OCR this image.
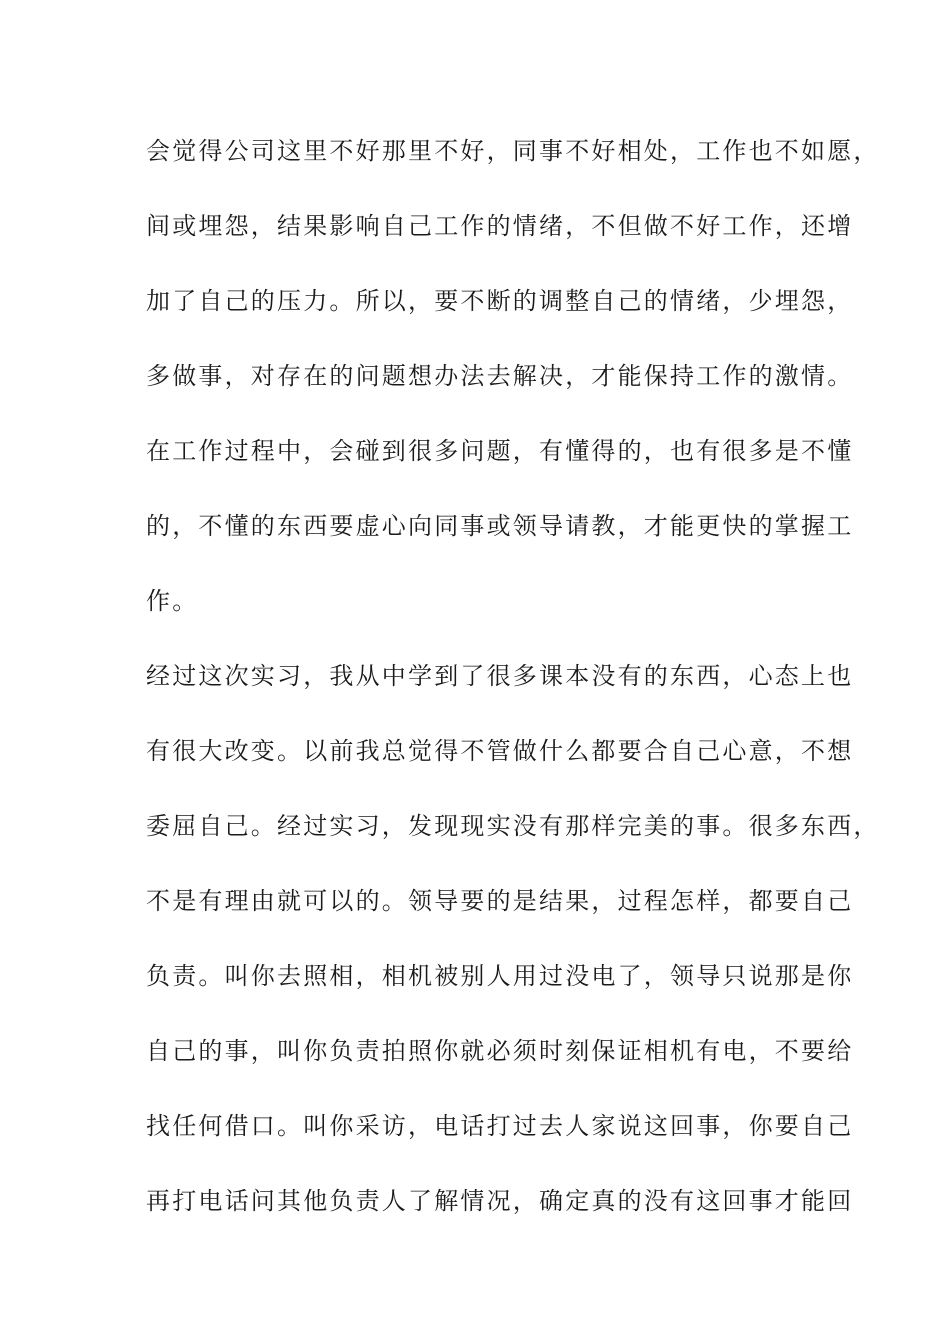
会觉得公司这里不好那里不好，同事不好相处，工作也不如愿，
间或埋怨，结果影响自己工作的情绪，不但做不好工作，还增
加了自己的压力。所以，要不断的调整自己的情绪，少埋怨，
多做事，对存在的问题想办法去解决，才能保持工作的激情。
在工作过程中，会碰到很多问题，有懂得的，也有很多是不懂
的，不懂的东西要虚心向同事或领导请教，才能更快的掌握工
作。
经过这次实习，我从中学到了很多课本没有的东西，心态上也
有很大改变。以前我总觉得不管做什么都要合自己心意，不想
委屈自己。经过实习，发现现实没有那样完美的事。很多东西，
不是有理由就可以的。领导要的是结果，过程怎样，都要自己
负责。叫你去照相，相机被别人用过没电了，领导只说那是你
自己的事，叫你负责拍照你就必须时刻保证相机有电，不要给
找任何借口。叫你采访，电话打过去人家说这回事，你要自己
再打电话问其他负责人了解情况，确定真的没有这回事才能回
